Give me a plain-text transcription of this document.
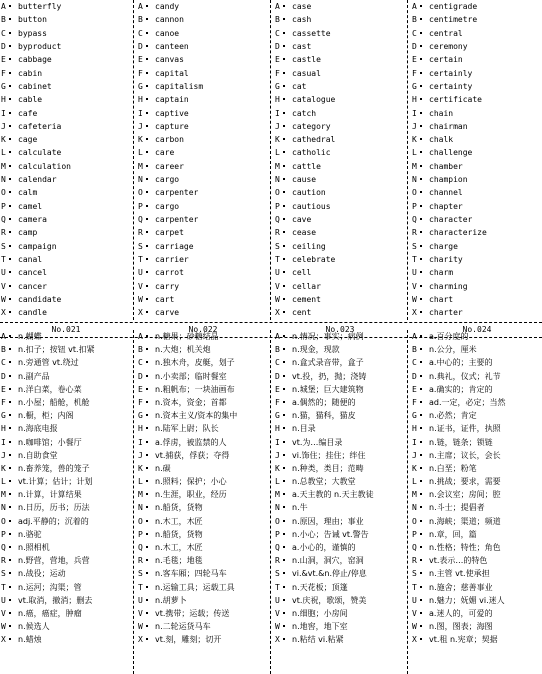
A	butterfly
B	button
C	bypass
D	byproduct
E	cabbage
F	cabin
G	cabinet
H	cable
I	cafe
J	cafeteria
K	cage
L	calculate
M	calculation
N	calendar
O	calm
P	camel
Q	camera
R	camp
S	campaign
T	canal
U	cancel
V	cancer
W	candidate
X	candle
A	candy
B	cannon
C	canoe
D	canteen
E	canvas
F	capital
G	capitalism
H	captain
I	captive
J	capture
K	carbon
L	care
M	career
N	cargo
O	carpenter
P	cargo
Q	carpenter
R	carpet
S	carriage
T	carrier
U	carrot
V	carry
W	cart
X	carve
A	case
B	cash
C	cassette
D	cast
E	castle
F	casual
G	cat
H	catalogue
I	catch
J	category
K	cathedral
L	catholic
M	cattle
N	cause
O	caution
P	cautious
Q	cave
R	cease
S	ceiling
T	celebrate
U	cell
V	cellar
W	cement
X	cent
A	centigrade
B	centimetre
C	central
D	ceremony
E	certain
F	certainly
G	certainty
H	certificate
I	chain
J	chairman
K	chalk
L	challenge
M	chamber
N	champion
O	channel
P	chapter
Q	character
R	characterize
S	charge
T	charity
U	charm
V	charming
W	chart
X	charter
No.021	No.022	No.023	No.024
A	n.蝴蝶
B	n.扣子；按钮 vt.扣紧
C	n.旁通管 vt.绕过
D	n.副产品
E	n.洋白菜，卷心菜
F	n.小屋；船舱，机舱
G	n.橱，柜；内阁
H	n.海底电报
I	n.咖啡馆；小餐厅
J	n.自助食堂
K	n.畜养笼，兽的笼子
L	vt.计算；估计；计划
M	n.计算，计算结果
N	n.日历，历书；历法
O	adj.平静的；沉着的
P	n.骆驼
Q	n.照相机
R	n.野营，营地，兵营
S	n.战役；运动
T	n.运河；沟渠；管
U	vt.取消，撤消；删去
V	n.癌，癌症，肿瘤
W	n.候选人
X	n.蜡烛
A	n.糖果；砂糖结晶
B	n.大炮；机关炮
C	n.独木舟，皮艇，划子
D	n.小卖部；临时餐室
E	n.粗帆布；一块油画布
F	n.资本，资金；首都
G	n.资本主义/资本的集中
H	n.陆军上尉；队长
I	a.俘虏，被监禁的人
J	vt.捕获，俘获；夺得
K	n.碳
L	n.照料；保护；小心
M	n.生涯，职业，经历
N	n.船货，货物
O	n.木工，木匠
P	n.船货，货物
Q	n.木工，木匠
R	n.毛毯；地毯
S	n.客车厢；四轮马车
T	n.运输工具；运载工具
U	n.胡萝卜
V	vt.携带；运载；传送
W	n.二轮运货马车
X	vt.刻，雕刻；切开
A	n.情况；事实；病例
B	n.现金，现款
C	n.盒式录音带，盒子
D	vt.投，扔，抛；浇铸
E	n.城堡；巨大建筑物
F	a.偶然的；随便的
G	n.猫，猫科，猫皮
H	n.目录
I	vt.为…编目录
J	vi.饰住；挂住；绊住
K	n.种类，类目；范畴
L	n.总教堂；大教堂
M	a.天主教的 n.天主教徒
N	n.牛
O	n.原因，理由；事业
P	n.小心；告诫 vt.警告
Q	a.小心的，谨慎的
R	n.山洞，洞穴，窑洞
S	vi.&vt.&n.停止/停息
T	n.天花板；顶篷
U	vt.庆祝，歌颂，赞美
V	n.细胞；小房间
W	n.地窖，地下室
X	n.粘结 vi.粘紧
A	a.百分度的
B	n.公分，厘米
C	a.中心的；主要的
D	n.典礼，仪式；礼节
E	a.确实的；肯定的
F	ad.一定，必定；当然
G	n.必然；肯定
H	n.证书，证件，执照
I	n.链，链条；锁链
J	n.主席；议长，会长
K	n.白垩；粉笔
L	n.挑战；要求，需要
M	n.会议室；房间；腔
N	n.斗士；提倡者
O	n.海峡；渠道；频道
P	n.章，回，篇
Q	n.性格；特性；角色
R	vt.表示…的特色
S	n.主管 vt.使承担
T	n.施舍；慈善事业
U	n.魅力；妩媚 vi.迷人
V	a.迷人的，可爱的
W	n.图，图表；海图
X	vt.租 n.宪章；契据
